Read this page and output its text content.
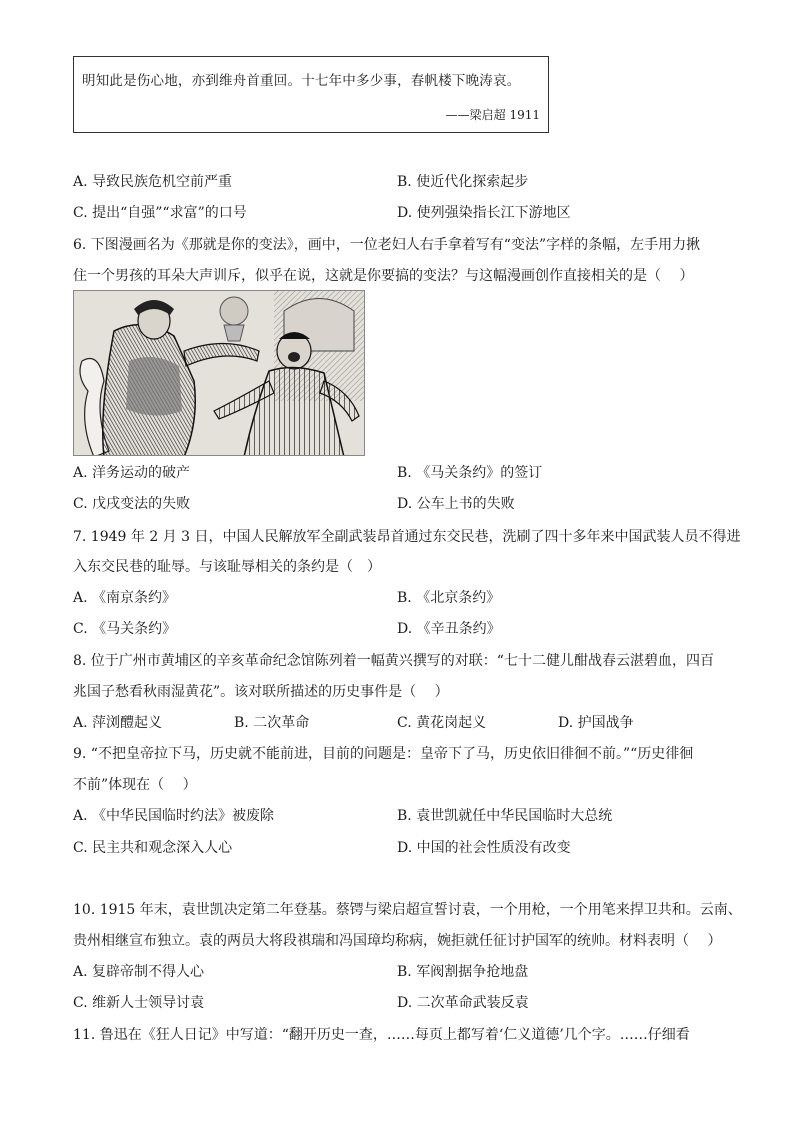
明知此是伤心地，亦到维舟首重回。十七年中多少事，春帆楼下晚涛哀。
——梁启超 1911
A. 导致民族危机空前严重	B. 使近代化探索起步
C. 提出“自强”“求富”的口号	D. 使列强染指长江下游地区
6. 下图漫画名为《那就是你的变法》，画中，一位老妇人右手拿着写有“变法”字样的条幅，左手用力揪
住一个男孩的耳朵大声训斥，似乎在说，这就是你要搞的变法？与这幅漫画创作直接相关的是（　 ）
A. 洋务运动的破产	B. 《马关条约》的签订
C. 戊戌变法的失败	D. 公车上书的失败
7. 1949 年 2 月 3 日，中国人民解放军全副武装昂首通过东交民巷，洗刷了四十多年来中国武装人员不得进
入东交民巷的耻辱。与该耻辱相关的条约是（　）
A. 《南京条约》	B. 《北京条约》
C. 《马关条约》	D. 《辛丑条约》
8. 位于广州市黄埔区的辛亥革命纪念馆陈列着一幅黄兴撰写的对联：“七十二健儿酣战春云湛碧血，四百
兆国子愁看秋雨湿黄花”。该对联所描述的历史事件是（　 ）
A. 萍浏醴起义	B. 二次革命	C. 黄花岗起义	D. 护国战争
9. “不把皇帝拉下马，历史就不能前进，目前的问题是：皇帝下了马，历史依旧徘徊不前。”“历史徘徊
不前”体现在（　 ）
A. 《中华民国临时约法》被废除	B. 袁世凯就任中华民国临时大总统
C. 民主共和观念深入人心	D. 中国的社会性质没有改变
10. 1915 年末，袁世凯决定第二年登基。蔡锷与梁启超宣誓讨袁，一个用枪，一个用笔来捍卫共和。云南、
贵州相继宣布独立。袁的两员大将段祺瑞和冯国璋均称病，婉拒就任征讨护国军的统帅。材料表明（　 ）
A. 复辟帝制不得人心	B. 军阀割据争抢地盘
C. 维新人士领导讨袁	D. 二次革命武装反袁
11. 鲁迅在《狂人日记》中写道：“翻开历史一查，……每页上都写着‘仁义道德’几个字。……仔细看
